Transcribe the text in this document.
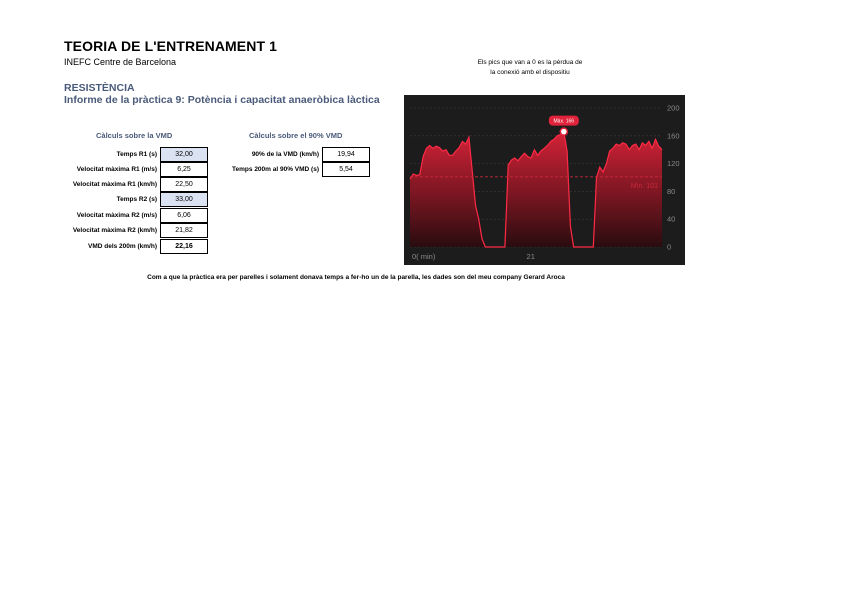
TEORIA DE L'ENTRENAMENT 1
INEFC Centre de Barcelona
RESISTÈNCIA
Informe de la pràctica 9: Potència i capacitat anaeròbica làctica
Els pics que van a 0 es la pèrdua de
la conexió amb el dispositiu
Càlculs sobre la VMD	Càlculs sobre el 90% VMD
Temps R1 (s)	32,00
Velocitat màxima R1 (m/s)	6,25
Velocitat màxima R1 (km/h)	22,50
Temps R2 (s)	33,00
Velocitat màxima R2 (m/s)	6,06
Velocitat màxima R2 (km/h)	21,82
VMD dels 200m (km/h)	22,16
90% de la VMD (km/h)	19,94
Temps 200m al 90% VMD (s)	5,54
200
160
120
80
40
0
Mín. 101
Màx. 166
0( min)	21
Com a que la pràctica era per parelles i solament donava temps a fer-ho un de la parella, les dades son del meu company Gerard Aroca
